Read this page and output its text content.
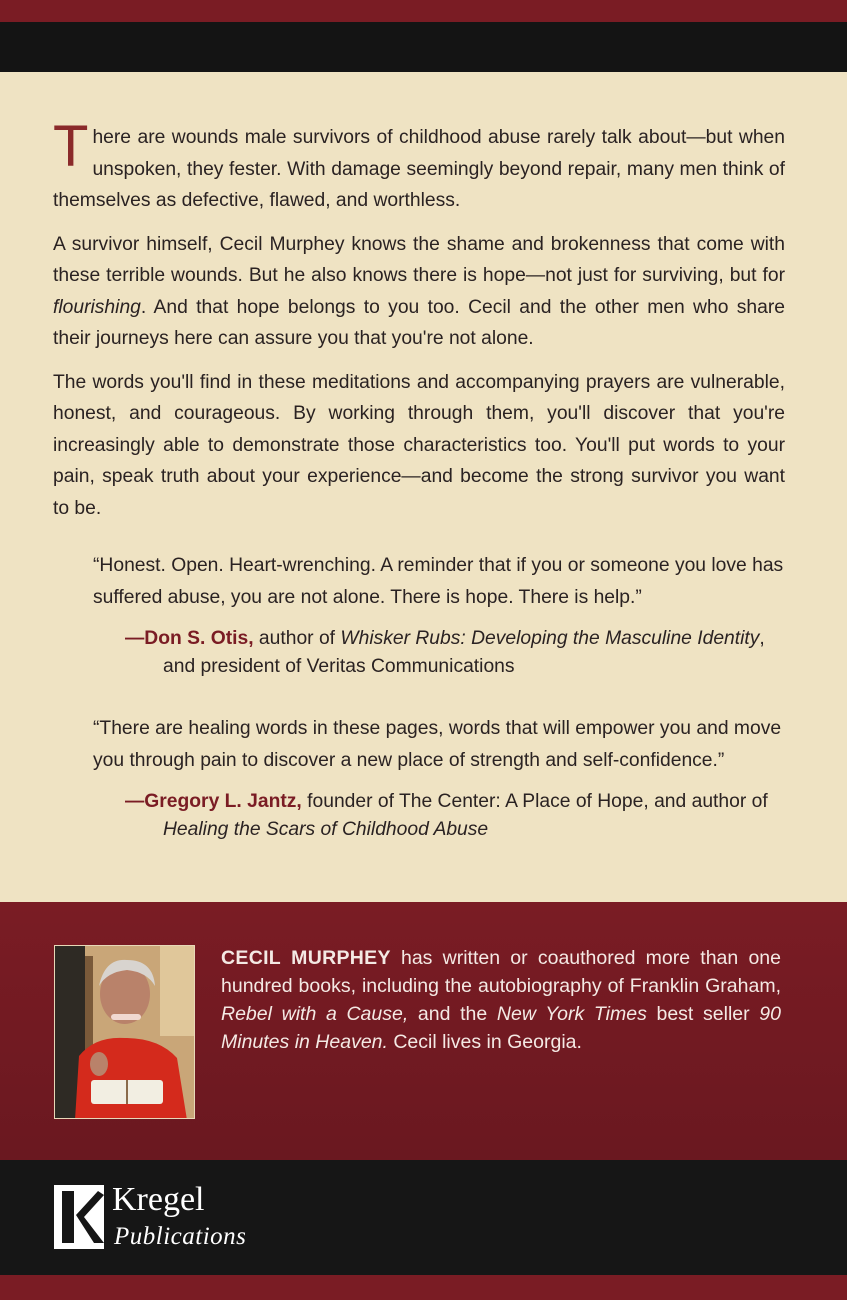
There are wounds male survivors of childhood abuse rarely talk about—but when unspoken, they fester. With damage seemingly beyond repair, many men think of themselves as defective, flawed, and worthless.

A survivor himself, Cecil Murphey knows the shame and brokenness that come with these terrible wounds. But he also knows there is hope—not just for surviving, but for flourishing. And that hope belongs to you too. Cecil and the other men who share their journeys here can assure you that you're not alone.

The words you'll find in these meditations and accompanying prayers are vulnerable, honest, and courageous. By working through them, you'll discover that you're increasingly able to demonstrate those characteristics too. You'll put words to your pain, speak truth about your experience—and become the strong survivor you want to be.

“Honest. Open. Heart-wrenching. A reminder that if you or someone you love has suffered abuse, you are not alone. There is hope. There is help.”

—Don S. Otis, author of Whisker Rubs: Developing the Masculine Identity, and president of Veritas Communications

“There are healing words in these pages, words that will empower you and move you through pain to discover a new place of strength and self-confidence.”

—Gregory L. Jantz, founder of The Center: A Place of Hope, and author of Healing the Scars of Childhood Abuse
CECIL MURPHEY has written or coauthored more than one hundred books, including the autobiography of Franklin Graham, Rebel with a Cause, and the New York Times best seller 90 Minutes in Heaven. Cecil lives in Georgia.
Kregel
Publications
